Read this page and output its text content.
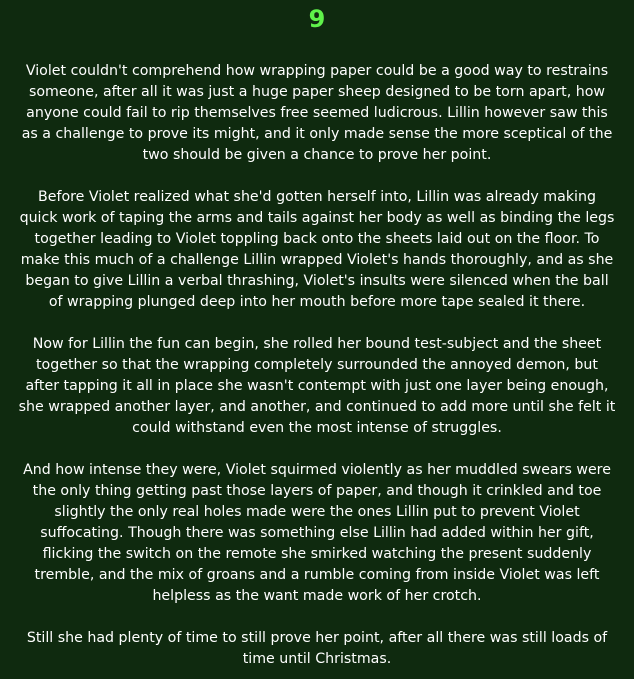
9

Violet couldn't comprehend how wrapping paper could be a good way to restrains someone, after all it was just a huge paper sheep designed to be torn apart, how anyone could fail to rip themselves free seemed ludicrous. Lillin however saw this as a challenge to prove its might, and it only made sense the more sceptical of the two should be given a chance to prove her point.

Before Violet realized what she'd gotten herself into, Lillin was already making quick work of taping the arms and tails against her body as well as binding the legs together leading to Violet toppling back onto the sheets laid out on the floor. To make this much of a challenge Lillin wrapped Violet's hands thoroughly, and as she began to give Lillin a verbal thrashing, Violet's insults were silenced when the ball of wrapping plunged deep into her mouth before more tape sealed it there.

Now for Lillin the fun can begin, she rolled her bound test-subject and the sheet together so that the wrapping completely surrounded the annoyed demon, but after tapping it all in place she wasn't contempt with just one layer being enough, she wrapped another layer, and another, and continued to add more until she felt it could withstand even the most intense of struggles.

And how intense they were, Violet squirmed violently as her muddled swears were the only thing getting past those layers of paper, and though it crinkled and toe slightly the only real holes made were the ones Lillin put to prevent Violet suffocating. Though there was something else Lillin had added within her gift, flicking the switch on the remote she smirked watching the present suddenly tremble, and the mix of groans and a rumble coming from inside Violet was left helpless as the want made work of her crotch.

Still she had plenty of time to still prove her point, after all there was still loads of time until Christmas.
